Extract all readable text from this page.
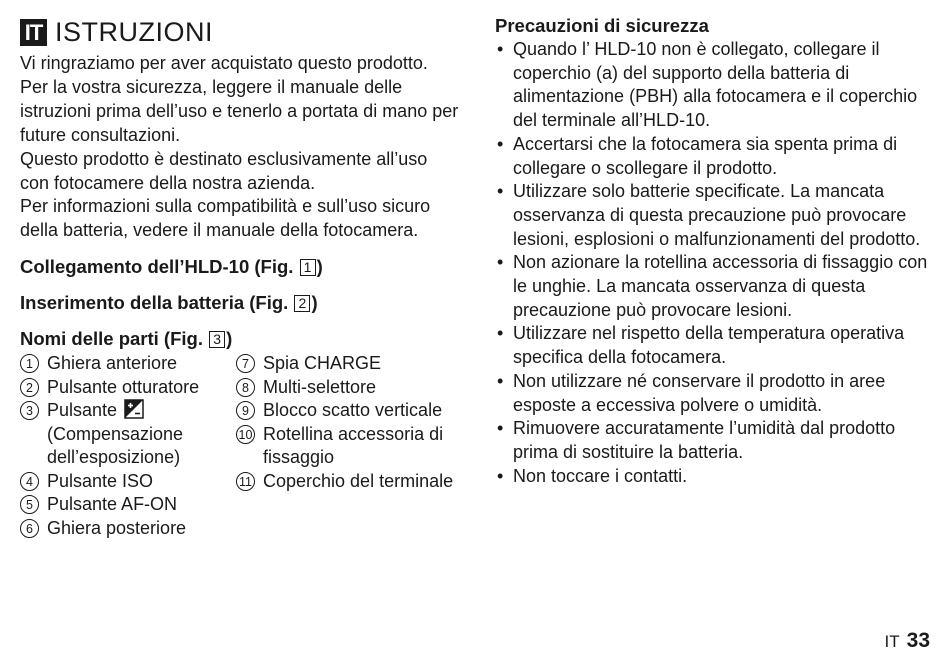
IT ISTRUZIONI

Vi ringraziamo per aver acquistato questo prodotto. Per la vostra sicurezza, leggere il manuale delle istruzioni prima dell’uso e tenerlo a portata di mano per future consultazioni.

Questo prodotto è destinato esclusivamente all’uso con fotocamere della nostra azienda.

Per informazioni sulla compatibilità e sull’uso sicuro della batteria, vedere il manuale della fotocamera.

Collegamento dell’HLD-10 (Fig. 1 )
Inserimento della batteria (Fig. 2 )
Nomi delle parti (Fig. 3 )
1 Ghiera anteriore
2 Pulsante otturatore
3 Pulsante
(Compensazione dell’esposizione)
4 Pulsante ISO
5 Pulsante AF-ON
6 Ghiera posteriore
7 Spia CHARGE
8 Multi-selettore
9 Blocco scatto verticale
10 Rotellina accessoria di fissaggio
11 Coperchio del terminale
Precauzioni di sicurezza
• Quando l’ HLD-10 non è collegato, collegare il coperchio (a) del supporto della batteria di alimentazione (PBH) alla fotocamera e il coperchio del terminale all’HLD-10.
• Accertarsi che la fotocamera sia spenta prima di collegare o scollegare il prodotto.
• Utilizzare solo batterie specificate. La mancata osservanza di questa precauzione può provocare lesioni, esplosioni o malfunzionamenti del prodotto.
• Non azionare la rotellina accessoria di fissaggio con le unghie. La mancata osservanza di questa precauzione può provocare lesioni.
• Utilizzare nel rispetto della temperatura operativa specifica della fotocamera.
• Non utilizzare né conservare il prodotto in aree esposte a eccessiva polvere o umidità.
• Rimuovere accuratamente l’umidità dal prodotto prima di sostituire la batteria.
• Non toccare i contatti.
IT 33
